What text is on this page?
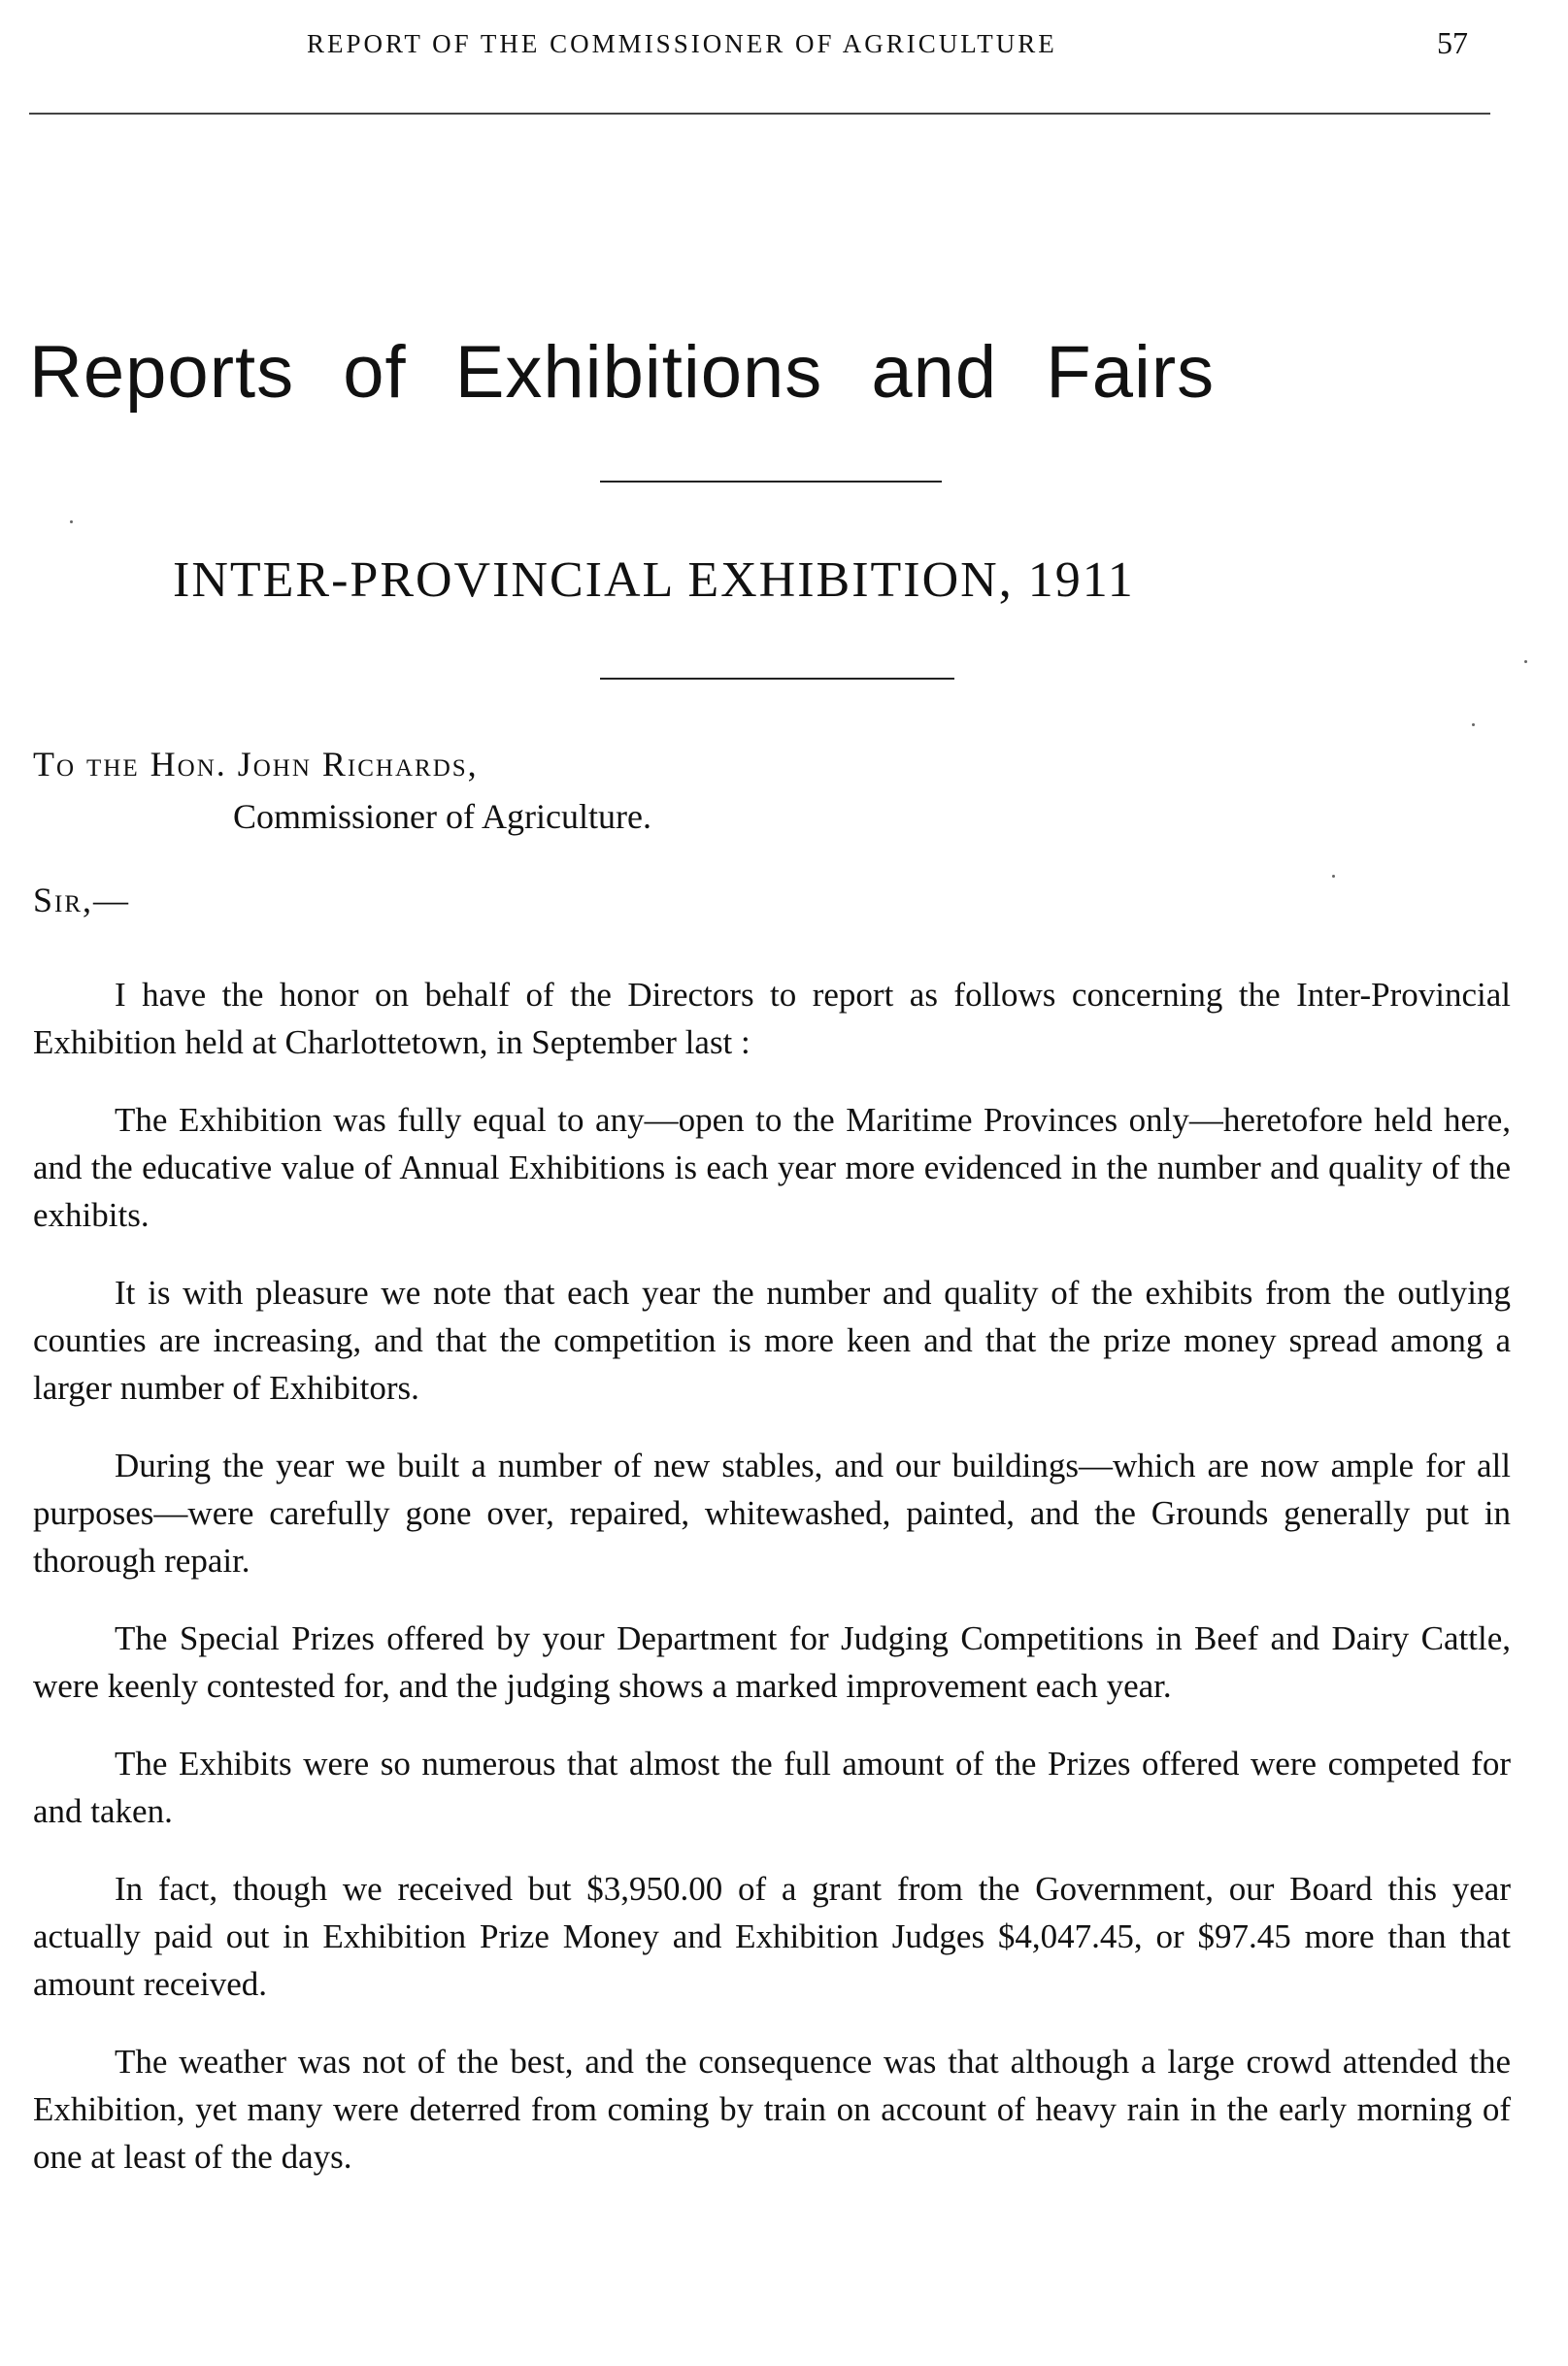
REPORT OF THE COMMISSIONER OF AGRICULTURE	57
Reports of Exhibitions and Fairs
INTER-PROVINCIAL EXHIBITION, 1911
To the Hon. John Richards,
Commissioner of Agriculture.
Sir,—

I have the honor on behalf of the Directors to report as follows concerning the Inter-Provincial Exhibition held at Charlottetown, in September last :

The Exhibition was fully equal to any—open to the Maritime Provinces only—heretofore held here, and the educative value of Annual Exhibitions is each year more evidenced in the number and quality of the exhibits.

It is with pleasure we note that each year the number and quality of the exhibits from the outlying counties are increasing, and that the competition is more keen and that the prize money spread among a larger number of Exhibitors.

During the year we built a number of new stables, and our buildings—which are now ample for all purposes—were carefully gone over, repaired, whitewashed, painted, and the Grounds generally put in thorough repair.

The Special Prizes offered by your Department for Judging Competitions in Beef and Dairy Cattle, were keenly contested for, and the judging shows a marked improvement each year.

The Exhibits were so numerous that almost the full amount of the Prizes offered were competed for and taken.

In fact, though we received but $3,950.00 of a grant from the Government, our Board this year actually paid out in Exhibition Prize Money and Exhibition Judges $4,047.45, or $97.45 more than that amount received.

The weather was not of the best, and the consequence was that although a large crowd attended the Exhibition, yet many were deterred from coming by train on account of heavy rain in the early morning of one at least of the days.
